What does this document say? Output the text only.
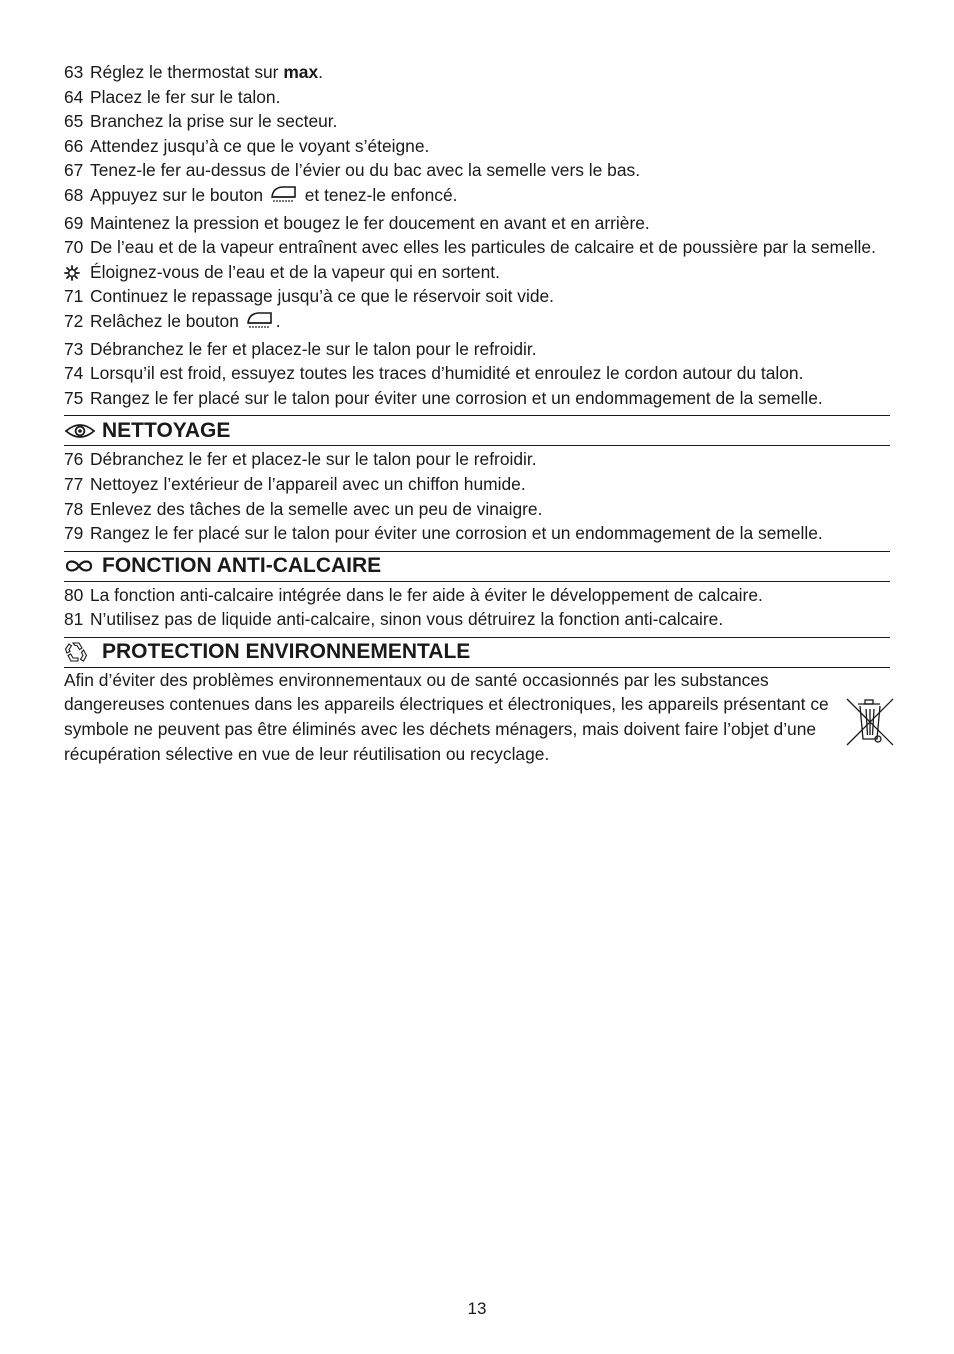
63 Réglez le thermostat sur max.
64 Placez le fer sur le talon.
65 Branchez la prise sur le secteur.
66 Attendez jusqu’à ce que le voyant s’éteigne.
67 Tenez-le fer au-dessus de l’évier ou du bac avec la semelle vers le bas.
68 Appuyez sur le bouton  et tenez-le enfoncé.
69 Maintenez la pression et bougez le fer doucement en avant et en arrière.
70 De l’eau et de la vapeur entraînent avec elles les particules de calcaire et de poussière par la semelle.
Éloignez-vous de l’eau et de la vapeur qui en sortent.
71 Continuez le repassage jusqu’à ce que le réservoir soit vide.
72 Relâchez le bouton .
73 Débranchez le fer et placez-le sur le talon pour le refroidir.
74 Lorsqu’il est froid, essuyez toutes les traces d’humidité et enroulez le cordon autour du talon.
75 Rangez le fer placé sur le talon pour éviter une corrosion et un endommagement de la semelle.
NETTOYAGE
76 Débranchez le fer et placez-le sur le talon pour le refroidir.
77 Nettoyez l’extérieur de l’appareil avec un chiffon humide.
78 Enlevez des tâches de la semelle avec un peu de vinaigre.
79 Rangez le fer placé sur le talon pour éviter une corrosion et un endommagement de la semelle.
FONCTION ANTI-CALCAIRE
80 La fonction anti-calcaire intégrée dans le fer aide à éviter le développement de calcaire.
81 N’utilisez pas de liquide anti-calcaire, sinon vous détruirez la fonction anti-calcaire.
PROTECTION ENVIRONNEMENTALE
Afin d’éviter des problèmes environnementaux ou de santé occasionnés par les substances dangereuses contenues dans les appareils électriques et électroniques, les appareils présentant ce symbole ne peuvent pas être éliminés avec les déchets ménagers, mais doivent faire l’objet d’une récupération sélective en vue de leur réutilisation ou recyclage.
13
